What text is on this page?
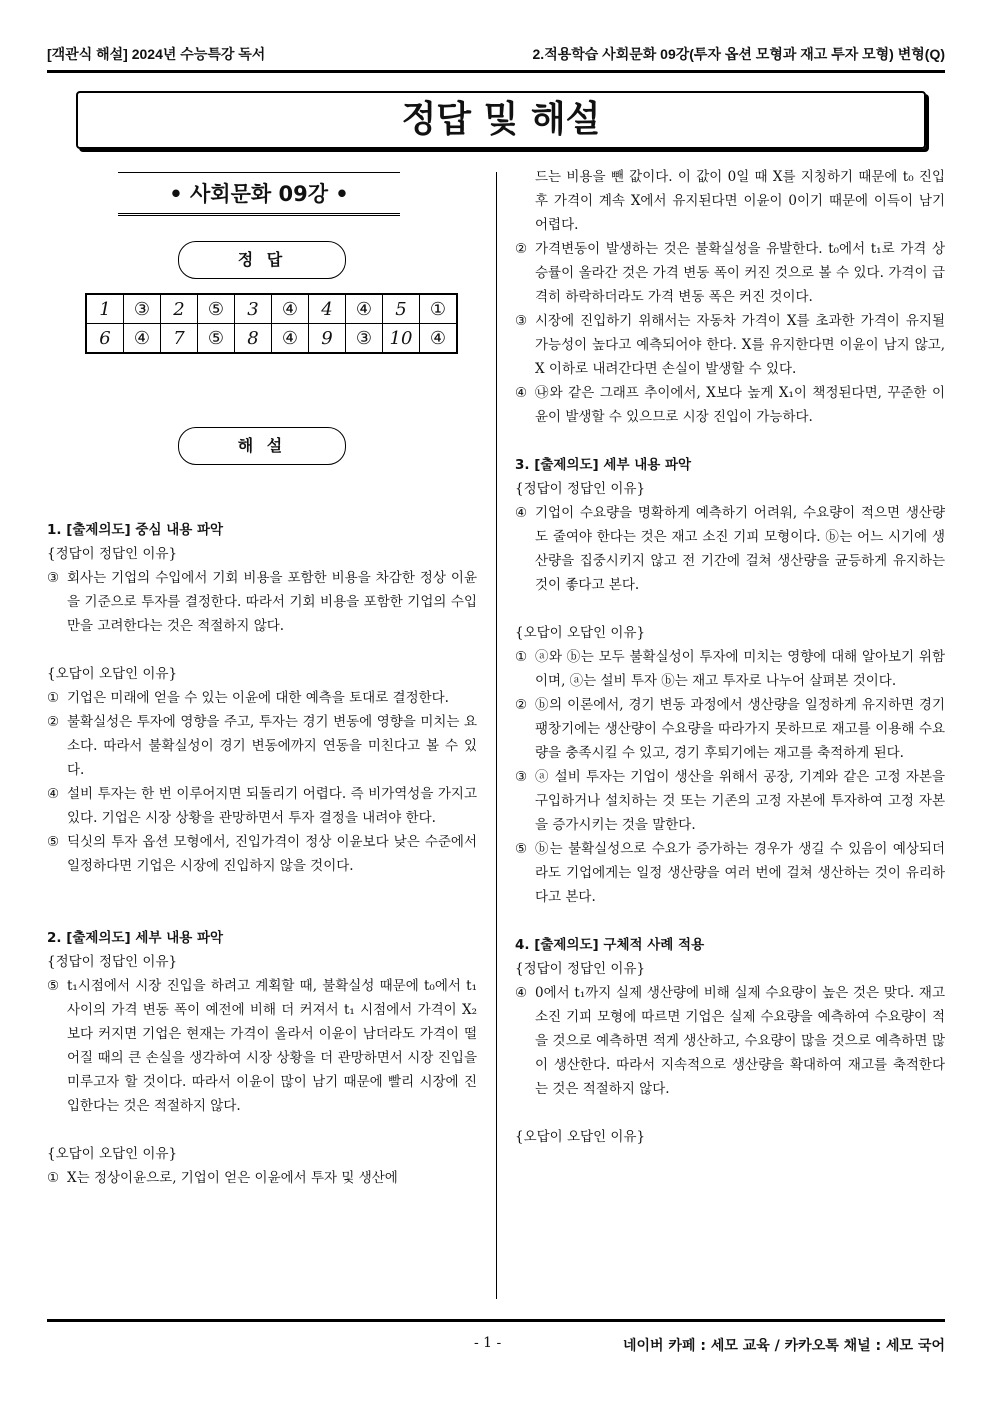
[객관식 해설] 2024년 수능특강 독서	2.적용학습 사회문화 09강(투자 옵션 모형과 재고 투자 모형) 변형(Q)
정답 및 해설
• 사회문화 09강 •
정 답
1	③	2	⑤	3	④	4	④	5	①
6	④	7	⑤	8	④	9	③	10	④
해 설
1. [출제의도] 중심 내용 파악
{정답이 정답인 이유}
③ 회사는 기업의 수입에서 기회 비용을 포함한 비용을 차감한 정상 이윤을 기준으로 투자를 결정한다. 따라서 기회 비용을 포함한 기업의 수입만을 고려한다는 것은 적절하지 않다.
{오답이 오답인 이유}
① 기업은 미래에 얻을 수 있는 이윤에 대한 예측을 토대로 결정한다.
② 불확실성은 투자에 영향을 주고, 투자는 경기 변동에 영향을 미치는 요소다. 따라서 불확실성이 경기 변동에까지 연동을 미친다고 볼 수 있다.
④ 설비 투자는 한 번 이루어지면 되돌리기 어렵다. 즉 비가역성을 가지고 있다. 기업은 시장 상황을 관망하면서 투자 결정을 내려야 한다.
⑤ 딕싯의 투자 옵션 모형에서, 진입가격이 정상 이윤보다 낮은 수준에서 일정하다면 기업은 시장에 진입하지 않을 것이다.
2. [출제의도] 세부 내용 파악
{정답이 정답인 이유}
⑤ t₁시점에서 시장 진입을 하려고 계획할 때, 불확실성 때문에 t₀에서 t₁ 사이의 가격 변동 폭이 예전에 비해 더 커져서 t₁ 시점에서 가격이 X₂보다 커지면 기업은 현재는 가격이 올라서 이윤이 남더라도 가격이 떨어질 때의 큰 손실을 생각하여 시장 상황을 더 관망하면서 시장 진입을 미루고자 할 것이다. 따라서 이윤이 많이 남기 때문에 빨리 시장에 진입한다는 것은 적절하지 않다.
{오답이 오답인 이유}
① X는 정상이윤으로, 기업이 얻은 이윤에서 투자 및 생산에
드는 비용을 뺀 값이다. 이 값이 0일 때 X를 지칭하기 때문에 t₀ 진입 후 가격이 계속 X에서 유지된다면 이윤이 0이기 때문에 이득이 남기 어렵다.
② 가격변동이 발생하는 것은 불확실성을 유발한다. t₀에서 t₁로 가격 상승률이 올라간 것은 가격 변동 폭이 커진 것으로 볼 수 있다. 가격이 급격히 하락하더라도 가격 변동 폭은 커진 것이다.
③ 시장에 진입하기 위해서는 자동차 가격이 X를 초과한 가격이 유지될 가능성이 높다고 예측되어야 한다. X를 유지한다면 이윤이 남지 않고, X 이하로 내려간다면 손실이 발생할 수 있다.
④ ㉯와 같은 그래프 추이에서, X보다 높게 X₁이 책정된다면, 꾸준한 이윤이 발생할 수 있으므로 시장 진입이 가능하다.
3. [출제의도] 세부 내용 파악
{정답이 정답인 이유}
④ 기업이 수요량을 명확하게 예측하기 어려워, 수요량이 적으면 생산량도 줄여야 한다는 것은 재고 소진 기피 모형이다. ⓑ는 어느 시기에 생산량을 집중시키지 않고 전 기간에 걸쳐 생산량을 균등하게 유지하는 것이 좋다고 본다.
{오답이 오답인 이유}
① ⓐ와 ⓑ는 모두 불확실성이 투자에 미치는 영향에 대해 알아보기 위함이며, ⓐ는 설비 투자 ⓑ는 재고 투자로 나누어 살펴본 것이다.
② ⓑ의 이론에서, 경기 변동 과정에서 생산량을 일정하게 유지하면 경기 팽창기에는 생산량이 수요량을 따라가지 못하므로 재고를 이용해 수요량을 충족시킬 수 있고, 경기 후퇴기에는 재고를 축적하게 된다.
③ ⓐ 설비 투자는 기업이 생산을 위해서 공장, 기계와 같은 고정 자본을 구입하거나 설치하는 것 또는 기존의 고정 자본에 투자하여 고정 자본을 증가시키는 것을 말한다.
⑤ ⓑ는 불확실성으로 수요가 증가하는 경우가 생길 수 있음이 예상되더라도 기업에게는 일정 생산량을 여러 번에 걸쳐 생산하는 것이 유리하다고 본다.
4. [출제의도] 구체적 사례 적용
{정답이 정답인 이유}
④ 0에서 t₁까지 실제 생산량에 비해 실제 수요량이 높은 것은 맞다. 재고 소진 기피 모형에 따르면 기업은 실제 수요량을 예측하여 수요량이 적을 것으로 예측하면 적게 생산하고, 수요량이 많을 것으로 예측하면 많이 생산한다. 따라서 지속적으로 생산량을 확대하여 재고를 축적한다는 것은 적절하지 않다.
{오답이 오답인 이유}
- 1 -	네이버 카페 : 세모 교육 / 카카오톡 채널 : 세모 국어
